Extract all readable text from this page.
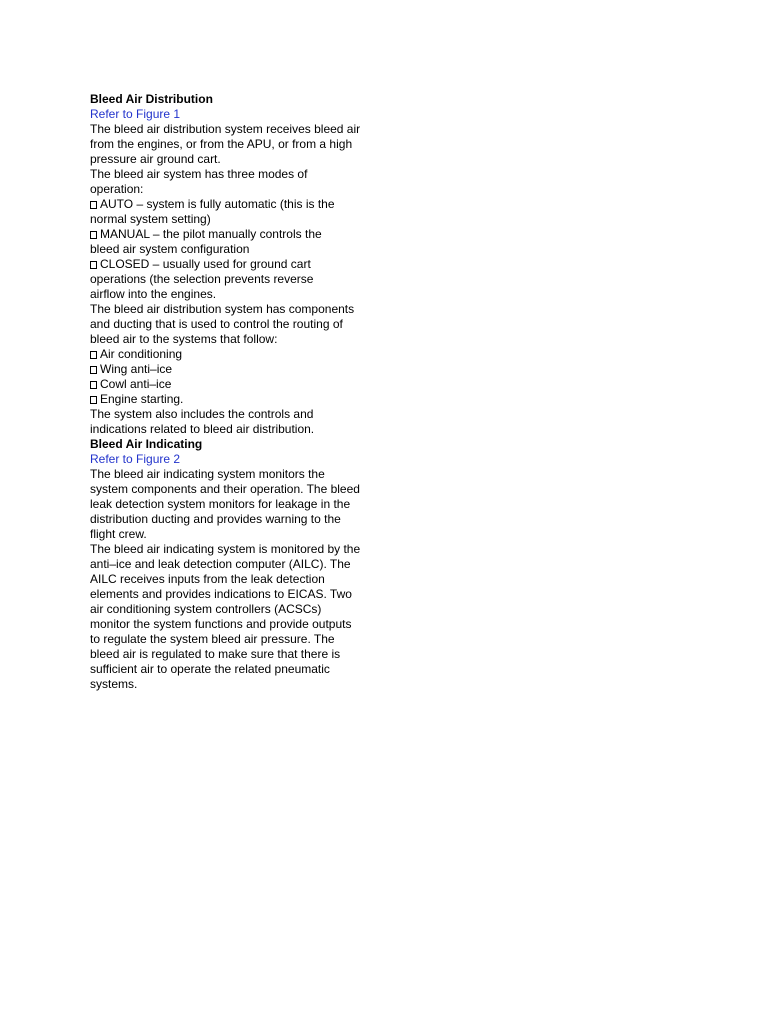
Bleed Air Distribution

Refer to Figure 1

The bleed air distribution system receives bleed air

from the engines, or from the APU, or from a high

pressure air ground cart.

The bleed air system has three modes of

operation:

AUTO – system is fully automatic (this is the

normal system setting)

MANUAL – the pilot manually controls the

bleed air system configuration

CLOSED – usually used for ground cart

operations (the selection prevents reverse

airflow into the engines.

The bleed air distribution system has components

and ducting that is used to control the routing of

bleed air to the systems that follow:

Air conditioning

Wing anti–ice

Cowl anti–ice

Engine starting.

The system also includes the controls and

indications related to bleed air distribution.

Bleed Air Indicating

Refer to Figure 2

The bleed air indicating system monitors the

system components and their operation. The bleed

leak detection system monitors for leakage in the

distribution ducting and provides warning to the

flight crew.

The bleed air indicating system is monitored by the

anti–ice and leak detection computer (AILC). The

AILC receives inputs from the leak detection

elements and provides indications to EICAS. Two

air conditioning system controllers (ACSCs)

monitor the system functions and provide outputs

to regulate the system bleed air pressure. The

bleed air is regulated to make sure that there is

sufficient air to operate the related pneumatic

systems.
